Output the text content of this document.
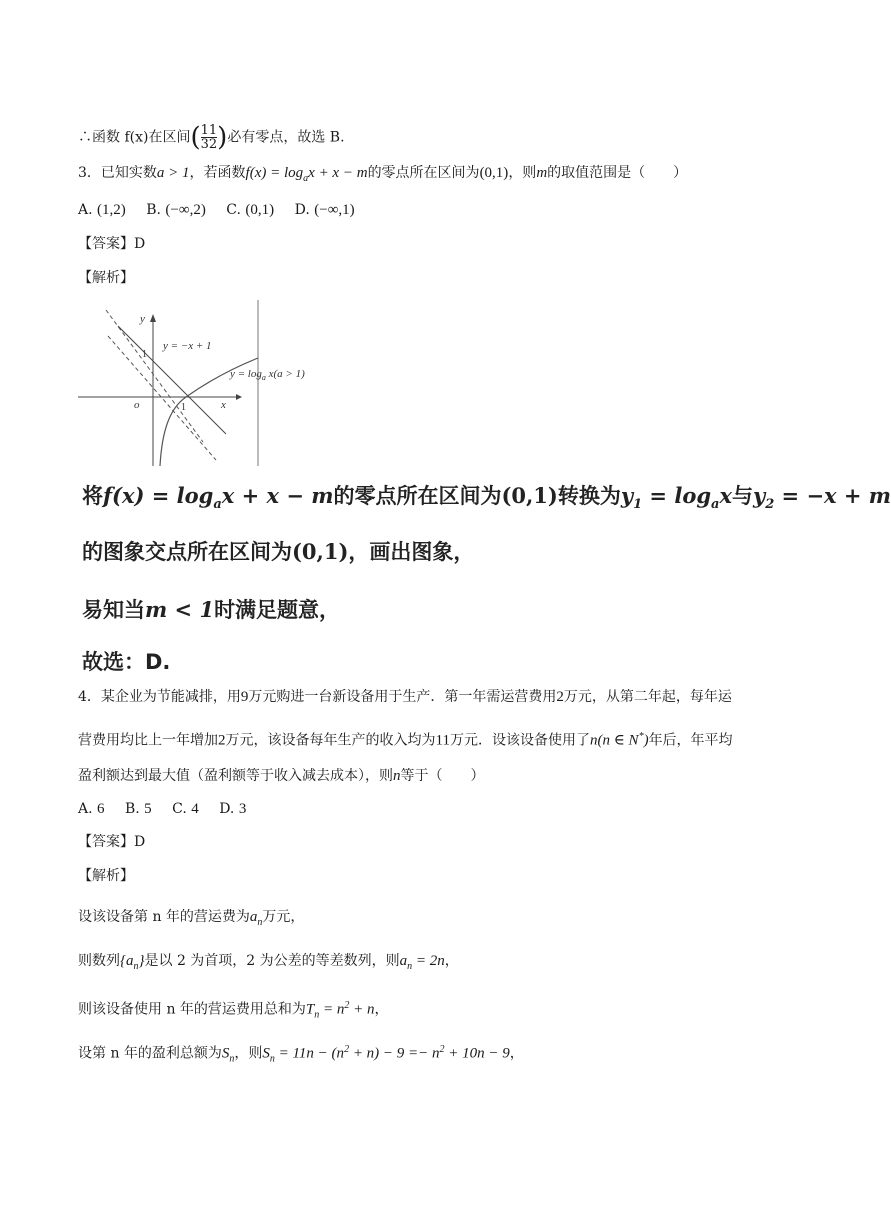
∴函数 f(x)在区间( $\frac{1}{3} \frac{1}{2}$ )必有零点，故选 B.
3．已知实数a > 1，若函数$f(x) = \log_ax + x - m$的零点所在区间为(0,1)，则m的取值范围是（　　）
A. (1,2) B. (−∞,2) C. (0,1) D. (−∞,1)
【答案】D
【解析】
y
x
o
1
1
y = −x + 1
$y = \log_a x(a > 1)$
将$f(x) = \log_ax + x - m$的零点所在区间为(0,1)转换为$y_1 = \log_ax$与$y_2 = -x + m$
的图象交点所在区间为(0,1)，画出图象，
易知当m < 1时满足题意，
故选：D.
4．某企业为节能减排，用9万元购进一台新设备用于生产．第一年需运营费用2万元，从第二年起，每年运
营费用均比上一年增加2万元，该设备每年生产的收入均为11万元．设该设备使用了n(n ∈ N*)年后，年平均
盈利额达到最大值（盈利额等于收入减去成本），则n等于（　　）
A. 6 B. 5 C. 4 D. 3
【答案】D
【解析】
设该设备第 n 年的营运费为$a_n$万元，
则数列$\{a_n\}$是以 2 为首项，2 为公差的等差数列，则$a_n = 2n$，
则该设备使用 n 年的营运费用总和为$T_n = n^2 + n$，
设第 n 年的盈利总额为$S_n$，则$S_n = 11n - (n^2 + n) - 9 =- n^2 + 10n - 9$，
